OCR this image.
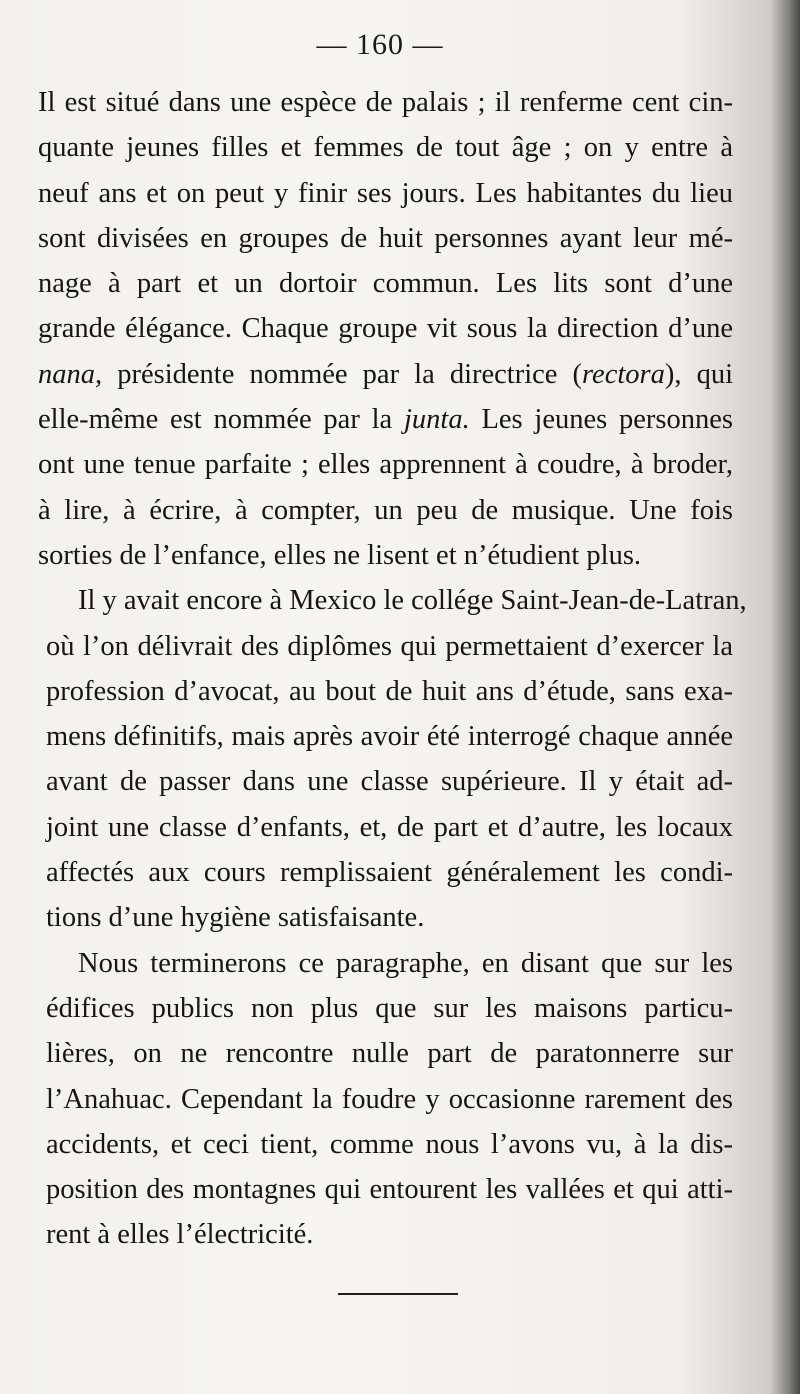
— 160 —
Il est situé dans une espèce de palais ; il renferme cent cin-
quante jeunes filles et femmes de tout âge ; on y entre à
neuf ans et on peut y finir ses jours. Les habitantes du lieu
sont divisées en groupes de huit personnes ayant leur mé-
nage à part et un dortoir commun. Les lits sont d’une
grande élégance. Chaque groupe vit sous la direction d’une
nana, présidente nommée par la directrice (rectora), qui
elle-même est nommée par la junta. Les jeunes personnes
ont une tenue parfaite ; elles apprennent à coudre, à broder,
à lire, à écrire, à compter, un peu de musique. Une fois
sorties de l’enfance, elles ne lisent et n’étudient plus.
Il y avait encore à Mexico le collége Saint-Jean-de-Latran,
où l’on délivrait des diplômes qui permettaient d’exercer la
profession d’avocat, au bout de huit ans d’étude, sans exa-
mens définitifs, mais après avoir été interrogé chaque année
avant de passer dans une classe supérieure. Il y était ad-
joint une classe d’enfants, et, de part et d’autre, les locaux
affectés aux cours remplissaient généralement les condi-
tions d’une hygiène satisfaisante.
Nous terminerons ce paragraphe, en disant que sur les
édifices publics non plus que sur les maisons particu-
lières, on ne rencontre nulle part de paratonnerre sur
l’Anahuac. Cependant la foudre y occasionne rarement des
accidents, et ceci tient, comme nous l’avons vu, à la dis-
position des montagnes qui entourent les vallées et qui atti-
rent à elles l’électricité.
